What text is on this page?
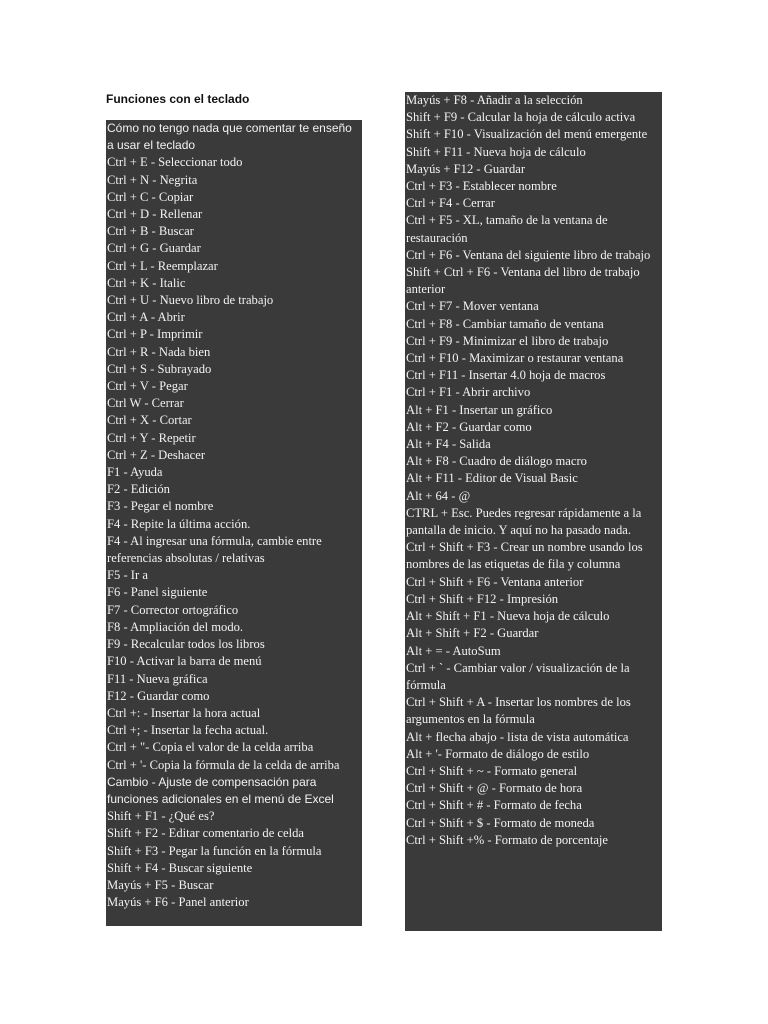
Funciones con el teclado
Cómo no tengo nada que comentar te enseño a usar el teclado
Ctrl + E - Seleccionar todo
Ctrl + N - Negrita
Ctrl + C - Copiar
Ctrl + D - Rellenar
Ctrl + B - Buscar
Ctrl + G - Guardar
Ctrl + L - Reemplazar
Ctrl + K - Italic
Ctrl + U - Nuevo libro de trabajo
Ctrl + A - Abrir
Ctrl + P - Imprimir
Ctrl + R - Nada bien
Ctrl + S - Subrayado
Ctrl + V - Pegar
Ctrl W - Cerrar
Ctrl + X - Cortar
Ctrl + Y - Repetir
Ctrl + Z - Deshacer
F1 - Ayuda
F2 - Edición
F3 - Pegar el nombre
F4 - Repite la última acción.
F4 - Al ingresar una fórmula, cambie entre referencias absolutas / relativas
F5 - Ir a
F6 - Panel siguiente
F7 - Corrector ortográfico
F8 - Ampliación del modo.
F9 - Recalcular todos los libros
F10 - Activar la barra de menú
F11 - Nueva gráfica
F12 - Guardar como
Ctrl +: - Insertar la hora actual
Ctrl +; - Insertar la fecha actual.
Ctrl + "- Copia el valor de la celda arriba
Ctrl + '- Copia la fórmula de la celda de arriba
Cambio - Ajuste de compensación para funciones adicionales en el menú de Excel
Shift + F1 - ¿Qué es?
Shift + F2 - Editar comentario de celda
Shift + F3 - Pegar la función en la fórmula
Shift + F4 - Buscar siguiente
Mayús + F5 - Buscar
Mayús + F6 - Panel anterior
Mayús + F8 - Añadir a la selección
Shift + F9 - Calcular la hoja de cálculo activa
Shift + F10 - Visualización del menú emergente
Shift + F11 - Nueva hoja de cálculo
Mayús + F12 - Guardar
Ctrl + F3 - Establecer nombre
Ctrl + F4 - Cerrar
Ctrl + F5 - XL, tamaño de la ventana de restauración
Ctrl + F6 - Ventana del siguiente libro de trabajo
Shift + Ctrl + F6 - Ventana del libro de trabajo anterior
Ctrl + F7 - Mover ventana
Ctrl + F8 - Cambiar tamaño de ventana
Ctrl + F9 - Minimizar el libro de trabajo
Ctrl + F10 - Maximizar o restaurar ventana
Ctrl + F11 - Insertar 4.0 hoja de macros
Ctrl + F1 - Abrir archivo
Alt + F1 - Insertar un gráfico
Alt + F2 - Guardar como
Alt + F4 - Salida
Alt + F8 - Cuadro de diálogo macro
Alt + F11 - Editor de Visual Basic
Alt + 64 - @
CTRL + Esc. Puedes regresar rápidamente a la pantalla de inicio. Y aquí no ha pasado nada.
Ctrl + Shift + F3 - Crear un nombre usando los nombres de las etiquetas de fila y columna
Ctrl + Shift + F6 - Ventana anterior
Ctrl + Shift + F12 - Impresión
Alt + Shift + F1 - Nueva hoja de cálculo
Alt + Shift + F2 - Guardar
Alt + = - AutoSum
Ctrl + ` - Cambiar valor / visualización de la fórmula
Ctrl + Shift + A - Insertar los nombres de los argumentos en la fórmula
Alt + flecha abajo - lista de vista automática
Alt + '- Formato de diálogo de estilo
Ctrl + Shift + ~ - Formato general
Ctrl + Shift + @ - Formato de hora
Ctrl + Shift + # - Formato de fecha
Ctrl + Shift + $ - Formato de moneda
Ctrl + Shift +% - Formato de porcentaje
